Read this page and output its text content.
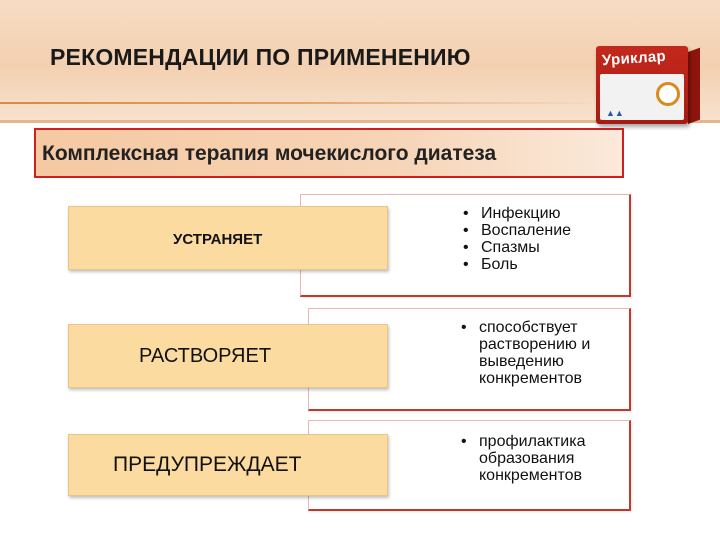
РЕКОМЕНДАЦИИ ПО ПРИМЕНЕНИЮ	Уриклар
▲▲
Комплексная терапия мочекислого диатеза
• Инфекцию
• Воспаление
• Спазмы
• Боль
УСТРАНЯЕТ
• способствует растворению и выведению конкрементов
РАСТВОРЯЕТ
• профилактика образования конкрементов
ПРЕДУПРЕЖДАЕТ
